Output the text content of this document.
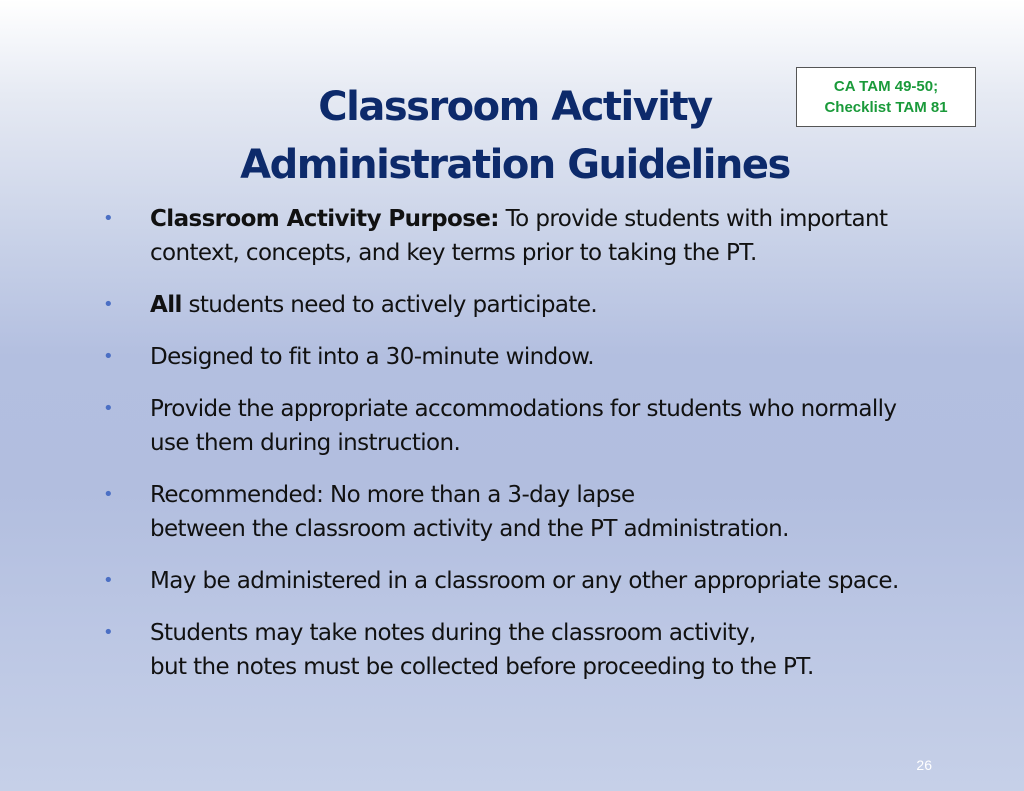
Classroom Activity
Administration Guidelines
CA TAM 49-50;
Checklist TAM 81
• Classroom Activity Purpose: To provide students with important context, concepts, and key terms prior to taking the PT.
• All students need to actively participate.
• Designed to fit into a 30-minute window.
• Provide the appropriate accommodations for students who normally use them during instruction.
• Recommended: No more than a 3-day lapse
between the classroom activity and the PT administration.
• May be administered in a classroom or any other appropriate space.
• Students may take notes during the classroom activity,
but the notes must be collected before proceeding to the PT.
26
